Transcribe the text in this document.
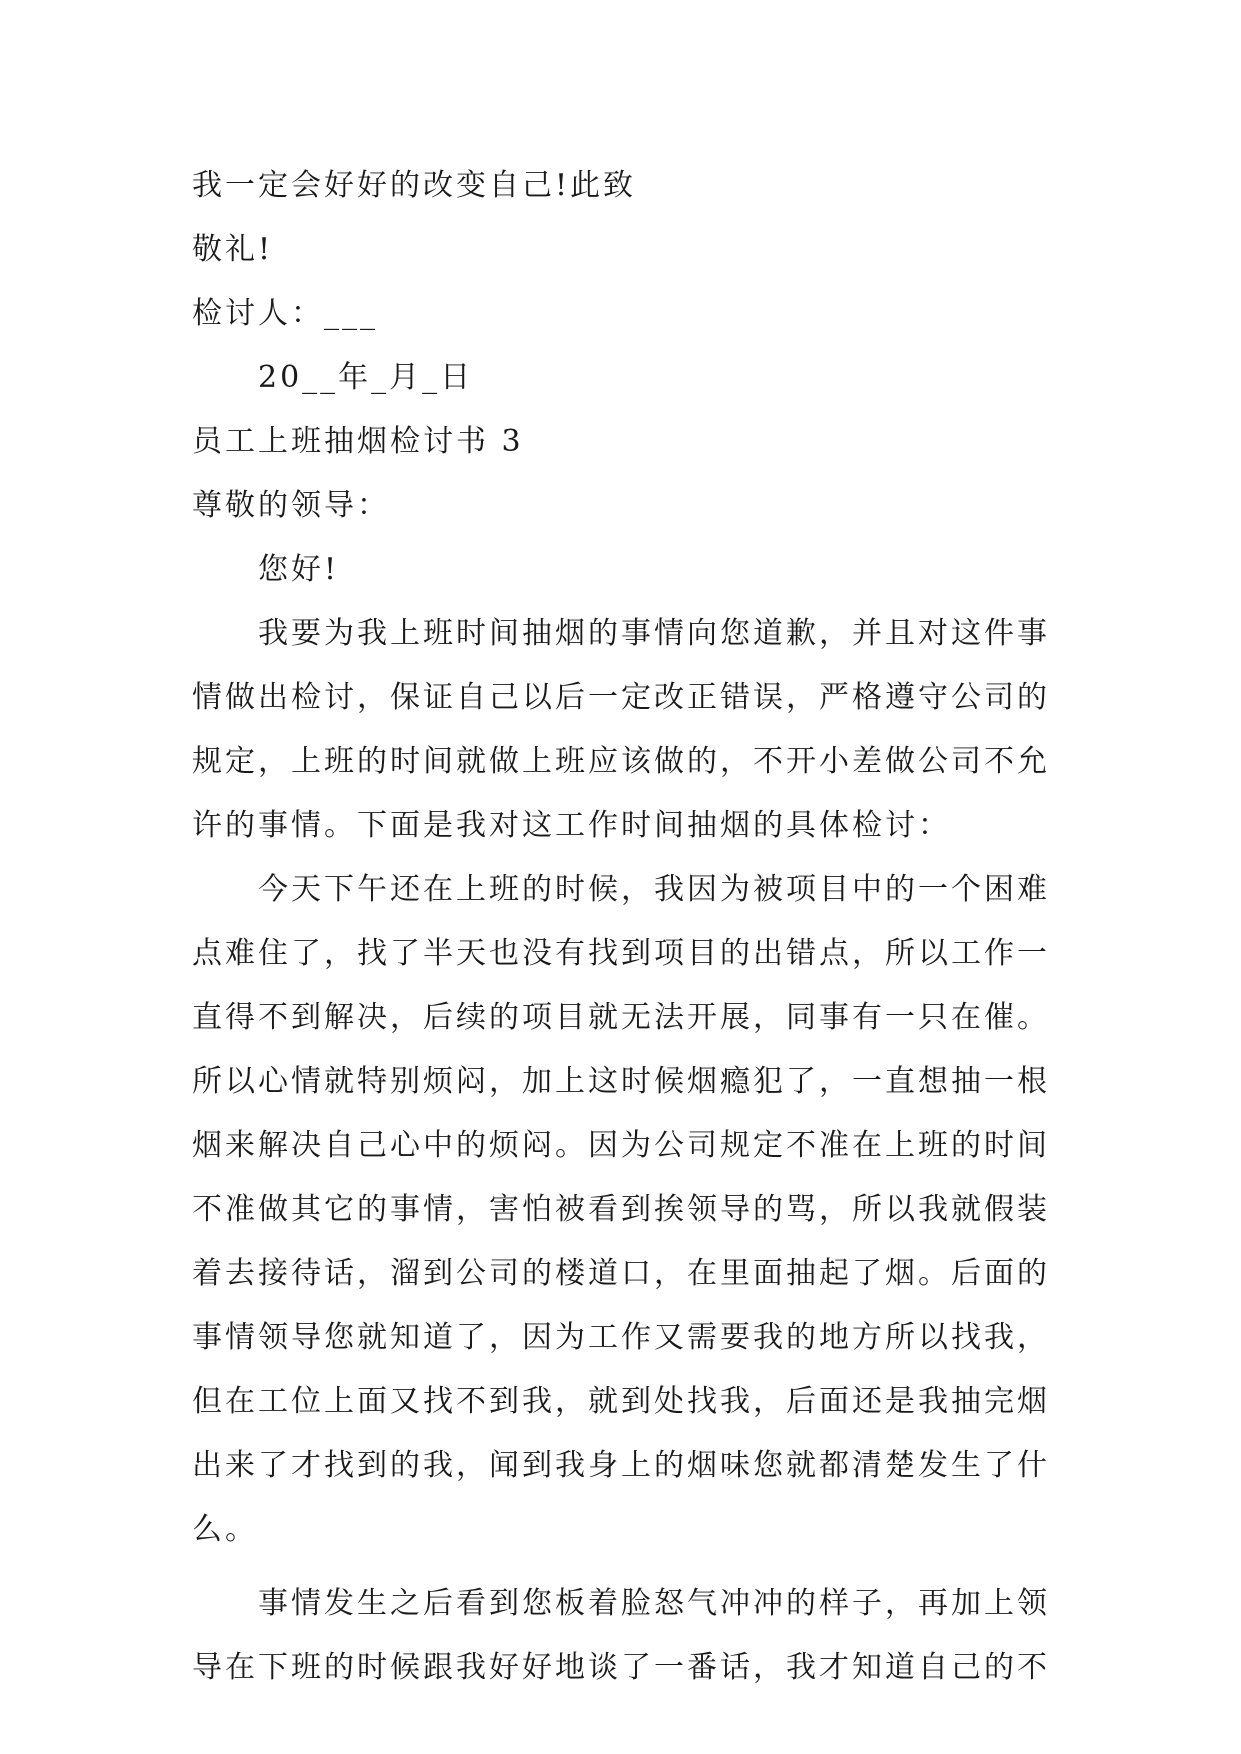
我一定会好好的改变自己!此致
敬礼!
检讨人：___
20__年_月_日
员工上班抽烟检讨书 3
尊敬的领导：
您好!
我要为我上班时间抽烟的事情向您道歉，并且对这件事
情做出检讨，保证自己以后一定改正错误，严格遵守公司的
规定，上班的时间就做上班应该做的，不开小差做公司不允
许的事情。下面是我对这工作时间抽烟的具体检讨：
今天下午还在上班的时候，我因为被项目中的一个困难
点难住了，找了半天也没有找到项目的出错点，所以工作一
直得不到解决，后续的项目就无法开展，同事有一只在催。
所以心情就特别烦闷，加上这时候烟瘾犯了，一直想抽一根
烟来解决自己心中的烦闷。因为公司规定不准在上班的时间
不准做其它的事情，害怕被看到挨领导的骂，所以我就假装
着去接待话，溜到公司的楼道口，在里面抽起了烟。后面的
事情领导您就知道了，因为工作又需要我的地方所以找我，
但在工位上面又找不到我，就到处找我，后面还是我抽完烟
出来了才找到的我，闻到我身上的烟味您就都清楚发生了什
么。
事情发生之后看到您板着脸怒气冲冲的样子，再加上领
导在下班的时候跟我好好地谈了一番话，我才知道自己的不
